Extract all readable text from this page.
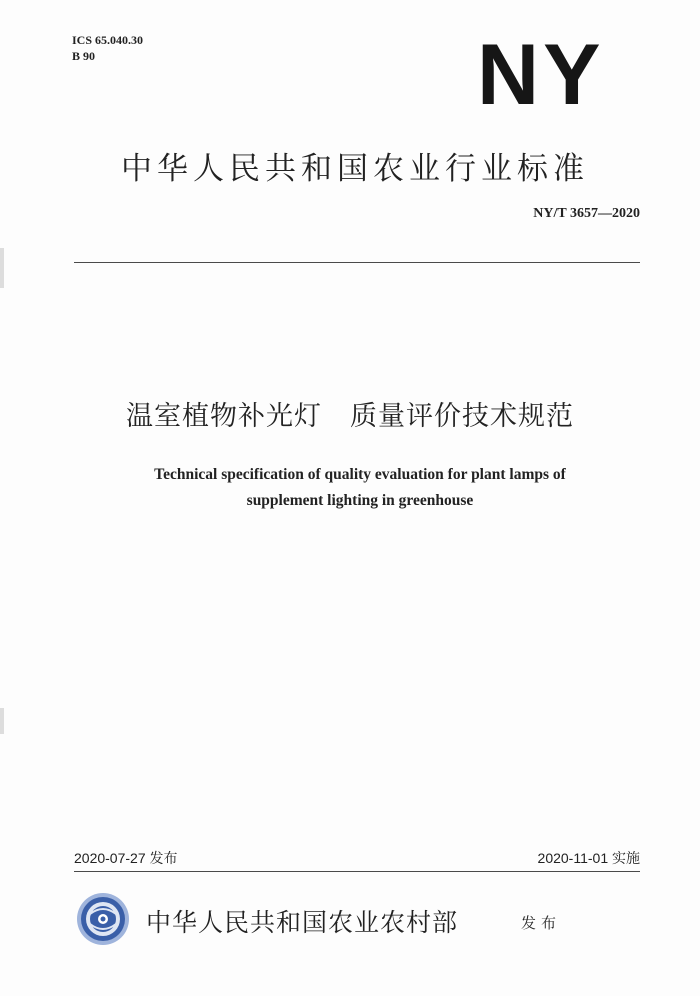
ICS 65.040.30
B 90	NY
中华人民共和国农业行业标准
NY/T 3657—2020
温室植物补光灯　质量评价技术规范
Technical specification of quality evaluation for plant lamps of
supplement lighting in greenhouse
2020-07-27 发布	2020-11-01 实施
中华人民共和国农业农村部	发布
